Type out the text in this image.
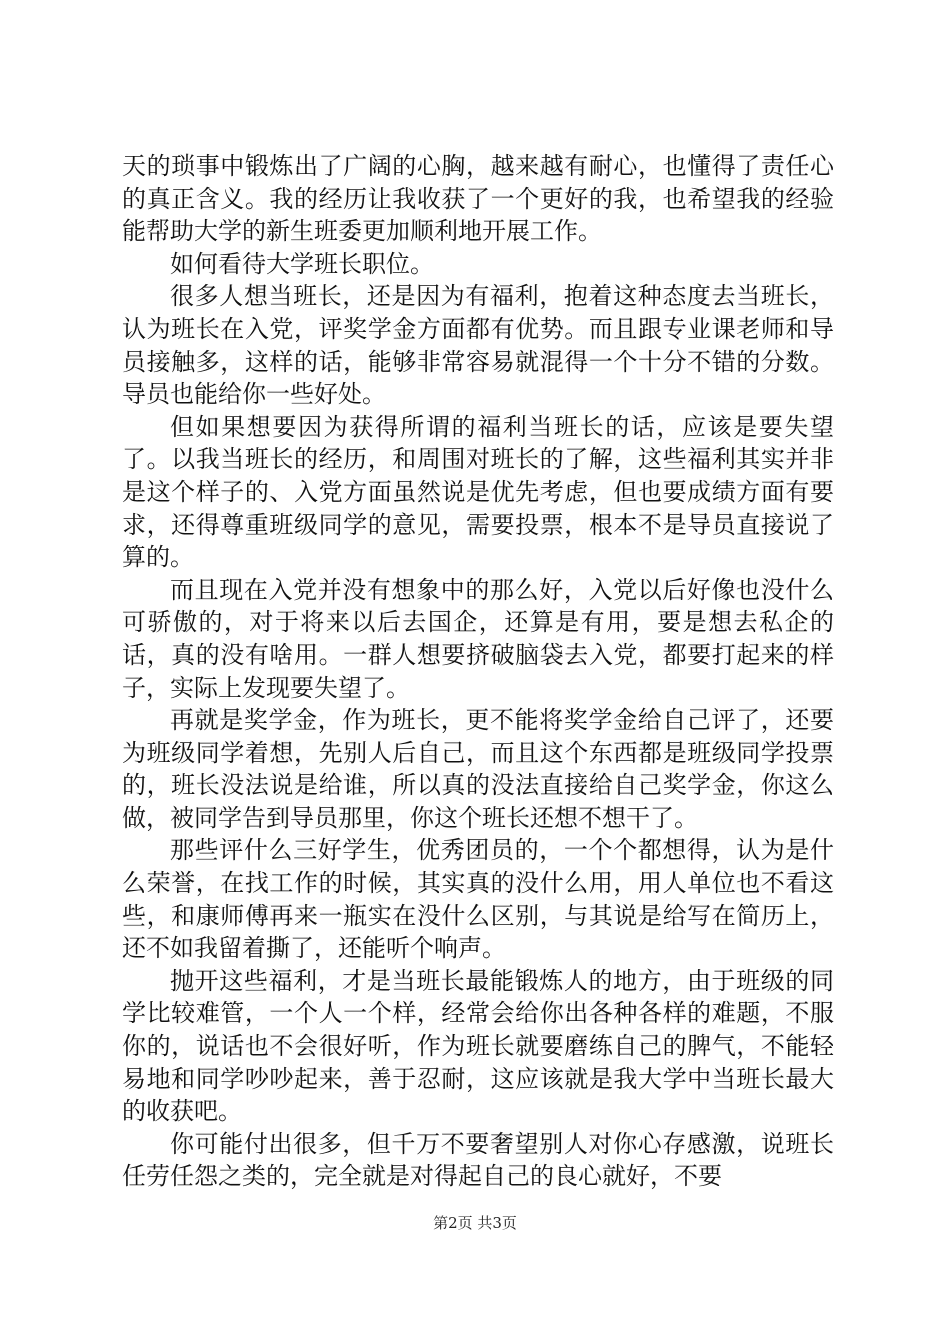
天的琐事中锻炼出了广阔的心胸，越来越有耐心，也懂得了责任心的真正含义。我的经历让我收获了一个更好的我，也希望我的经验能帮助大学的新生班委更加顺利地开展工作。

如何看待大学班长职位。

很多人想当班长，还是因为有福利，抱着这种态度去当班长，认为班长在入党，评奖学金方面都有优势。而且跟专业课老师和导员接触多，这样的话，能够非常容易就混得一个十分不错的分数。导员也能给你一些好处。

但如果想要因为获得所谓的福利当班长的话，应该是要失望了。以我当班长的经历，和周围对班长的了解，这些福利其实并非是这个样子的、入党方面虽然说是优先考虑，但也要成绩方面有要求，还得尊重班级同学的意见，需要投票，根本不是导员直接说了算的。

而且现在入党并没有想象中的那么好，入党以后好像也没什么可骄傲的，对于将来以后去国企，还算是有用，要是想去私企的话，真的没有啥用。一群人想要挤破脑袋去入党，都要打起来的样子，实际上发现要失望了。

再就是奖学金，作为班长，更不能将奖学金给自己评了，还要为班级同学着想，先别人后自己，而且这个东西都是班级同学投票的，班长没法说是给谁，所以真的没法直接给自己奖学金，你这么做，被同学告到导员那里，你这个班长还想不想干了。

那些评什么三好学生，优秀团员的，一个个都想得，认为是什么荣誉，在找工作的时候，其实真的没什么用，用人单位也不看这些，和康师傅再来一瓶实在没什么区别，与其说是给写在简历上，还不如我留着撕了，还能听个响声。

抛开这些福利，才是当班长最能锻炼人的地方，由于班级的同学比较难管，一个人一个样，经常会给你出各种各样的难题，不服你的，说话也不会很好听，作为班长就要磨练自己的脾气，不能轻易地和同学吵吵起来，善于忍耐，这应该就是我大学中当班长最大的收获吧。

你可能付出很多，但千万不要奢望别人对你心存感激，说班长任劳任怨之类的，完全就是对得起自己的良心就好，不要

第2页 共3页
